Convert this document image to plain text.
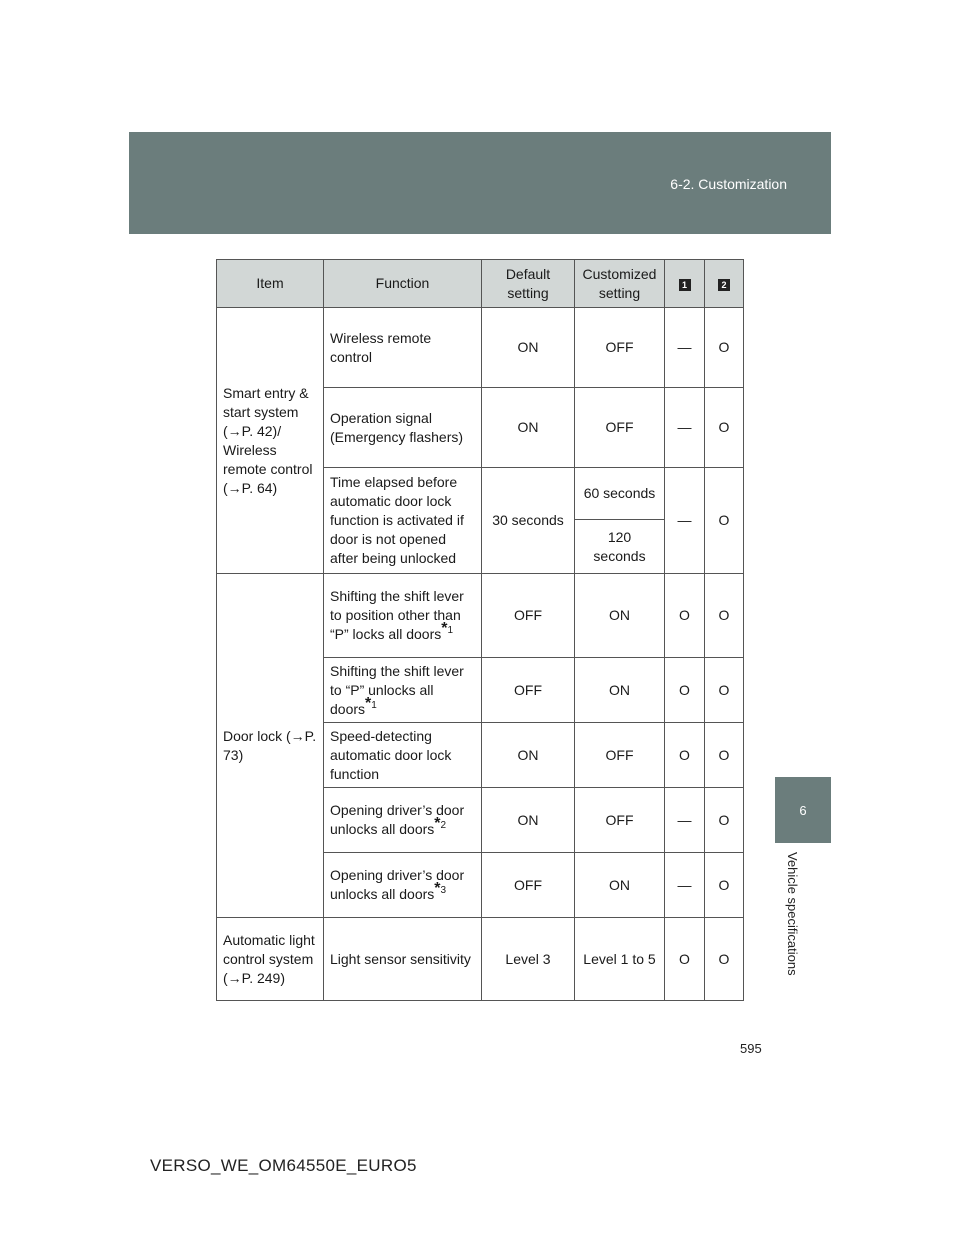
6-2. Customization
6
Vehicle specifications
Item	Function	Default setting	Customized setting	1	2
Smart entry & start system (→P. 42)/ Wireless remote control (→P. 64)	Wireless remote control	ON	OFF	—	O
	Operation signal (Emergency flashers)	ON	OFF	—	O
	Time elapsed before automatic door lock function is activated if door is not opened after being unlocked	30 seconds	60 seconds	—	O
			120 seconds		
Door lock (→P. 73)	Shifting the shift lever to position other than “P” locks all doors$^{*1}$	OFF	ON	O	O
	Shifting the shift lever to “P” unlocks all doors$^{*1}$	OFF	ON	O	O
	Speed-detecting automatic door lock function	ON	OFF	O	O
	Opening driver’s door unlocks all doors$^{*2}$	ON	OFF	—	O
	Opening driver’s door unlocks all doors$^{*3}$	OFF	ON	—	O
Automatic light control system (→P. 249)	Light sensor sensitivity	Level 3	Level 1 to 5	O	O
595
VERSO_WE_OM64550E_EURO5
